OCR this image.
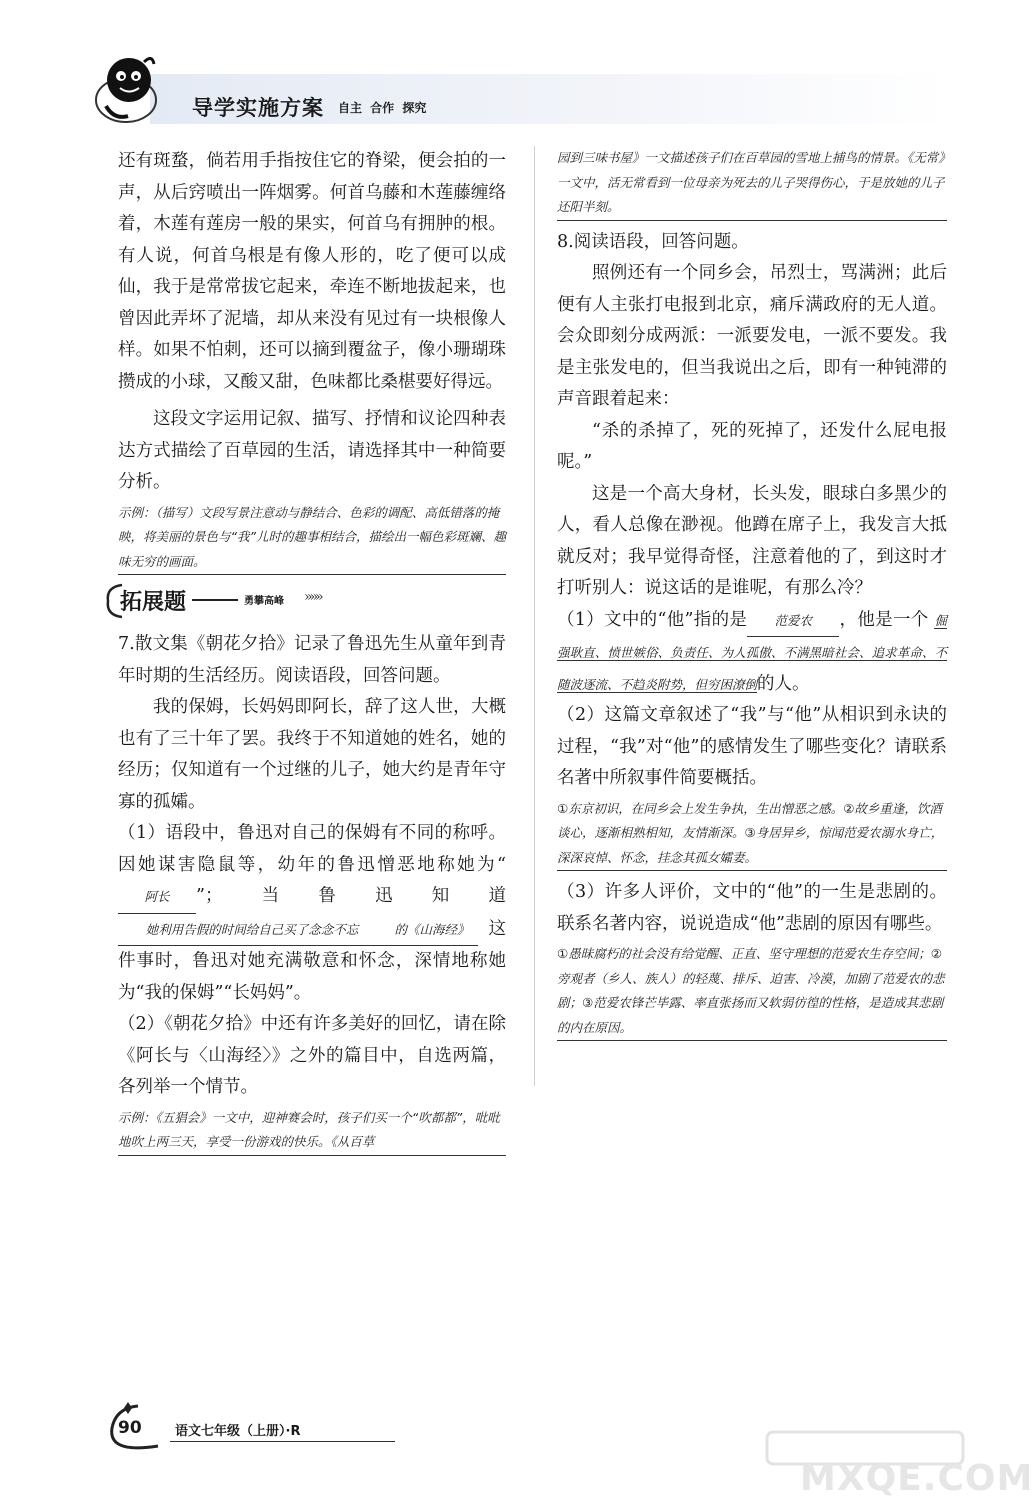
导学实施方案 自主 合作 探究

还有斑蝥，倘若用手指按住它的脊梁，便会拍的一声，从后窍喷出一阵烟雾。何首乌藤和木莲藤缠络着，木莲有莲房一般的果实，何首乌有拥肿的根。有人说，何首乌根是有像人形的，吃了便可以成仙，我于是常常拔它起来，牵连不断地拔起来，也曾因此弄坏了泥墙，却从来没有见过有一块根像人样。如果不怕刺，还可以摘到覆盆子，像小珊瑚珠攒成的小球，又酸又甜，色味都比桑椹要好得远。

这段文字运用记叙、描写、抒情和议论四种表达方式描绘了百草园的生活，请选择其中一种简要分析。

示例：（描写）文段写景注意动与静结合、色彩的调配、高低错落的掩映，将美丽的景色与“我”儿时的趣事相结合，描绘出一幅色彩斑斓、趣味无穷的画面。
拓展题	勇攀高峰 »»»

7.散文集《朝花夕拾》记录了鲁迅先生从童年到青年时期的生活经历。阅读语段，回答问题。

我的保姆，长妈妈即阿长，辞了这人世，大概也有了三十年了罢。我终于不知道她的姓名，她的经历；仅知道有一个过继的儿子，她大约是青年守寡的孤孀。

（1）语段中，鲁迅对自己的保姆有不同的称呼。因她谋害隐鼠等，幼年的鲁迅憎恶地称她为“阿长 ”；当鲁迅知道 她利用告假的时间给自己买了念念不忘	的《山海经》 这件事时，鲁迅对她充满敬意和怀念，深情地称她为“我的保姆”“长妈妈”。

（2）《朝花夕拾》中还有许多美好的回忆，请在除《阿长与〈山海经〉》之外的篇目中，自选两篇，各列举一个情节。

示例：《五猖会》一文中，迎神赛会时，孩子们买一个“吹都都”，吡吡地吹上两三天，享受一份游戏的快乐。《从百草
园到三味书屋》一文描述孩子们在百草园的雪地上捕鸟的情景。《无常》一文中，活无常看到一位母亲为死去的儿子哭得伤心，于是放她的儿子还阳半刻。

8.阅读语段，回答问题。

照例还有一个同乡会，吊烈士，骂满洲；此后便有人主张打电报到北京，痛斥满政府的无人道。会众即刻分成两派：一派要发电，一派不要发。我是主张发电的，但当我说出之后，即有一种钝滞的声音跟着起来：

“杀的杀掉了，死的死掉了，还发什么屁电报呢。”

这是一个高大身材，长头发，眼球白多黑少的人，看人总像在渺视。他蹲在席子上，我发言大抵就反对；我早觉得奇怪，注意着他的了，到这时才打听别人：说这话的是谁呢，有那么冷？

（1）文中的“他”指的是 范爱农 ，他是一个 倔强耿直、愤世嫉俗、负责任、为人孤傲、不满黑暗社会、追求革命、不随波逐流、不趋炎附势，但穷困潦倒的人。

（2）这篇文章叙述了“我”与“他”从相识到永诀的过程，“我”对“他”的感情发生了哪些变化？请联系名著中所叙事件简要概括。

①东京初识，在同乡会上发生争执，生出憎恶之感。②故乡重逢，饮酒谈心，逐渐相熟相知，友情渐深。③身居异乡，惊闻范爱农溺水身亡，深深哀悼、怀念，挂念其孤女孀妻。

（3）许多人评价，文中的“他”的一生是悲剧的。联系名著内容，说说造成“他”悲剧的原因有哪些。

①愚昧腐朽的社会没有给觉醒、正直、坚守理想的范爱农生存空间；②旁观者（乡人、族人）的轻蔑、排斥、迫害、冷漠，加剧了范爱农的悲剧；③范爱农锋芒毕露、率直张扬而又软弱彷徨的性格，是造成其悲剧的内在原因。
90	语文七年级（上册）·R
MXQE.COM
